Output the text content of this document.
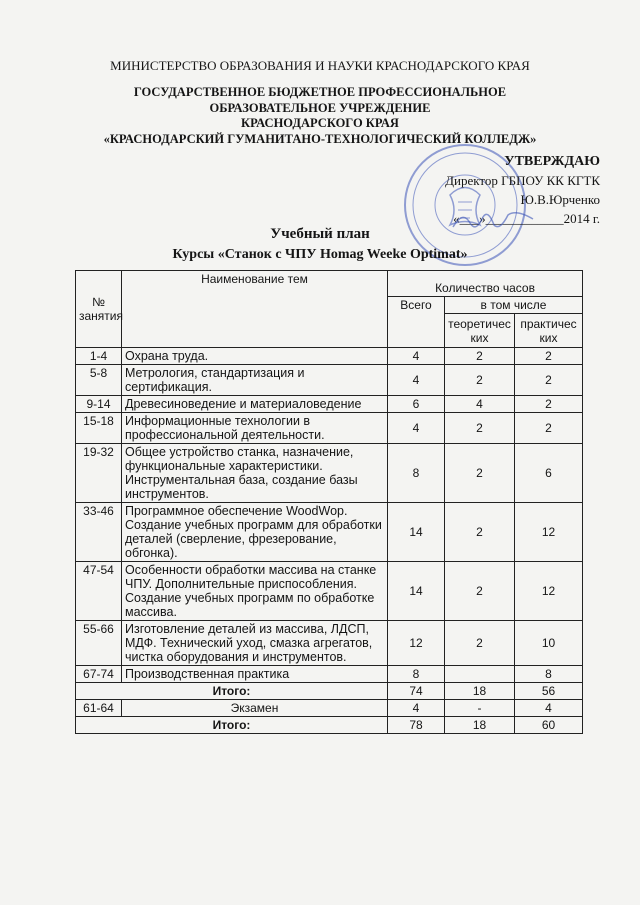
МИНИСТЕРСТВО ОБРАЗОВАНИЯ И НАУКИ КРАСНОДАРСКОГО КРАЯ
ГОСУДАРСТВЕННОЕ БЮДЖЕТНОЕ ПРОФЕССИОНАЛЬНОЕ
ОБРАЗОВАТЕЛЬНОЕ УЧРЕЖДЕНИЕ
КРАСНОДАРСКОГО КРАЯ
«КРАСНОДАРСКИЙ ГУМАНИТАНО-ТЕХНОЛОГИЧЕСКИЙ КОЛЛЕДЖ»
УТВЕРЖДАЮ
Директор ГБПОУ КК КГТК
Ю.В.Юрченко
«___»____________2014 г.
Учебный план
Курсы «Станок с ЧПУ Homag Weeke Optimat»
№ занятия	Наименование тем	Количество часов		
		Всего	в том числе	
			теоретических	практических
1-4	Охрана труда.	4	2	2
5-8	Метрология, стандартизация и сертификация.	4	2	2
9-14	Древесиноведение и материаловедение	6	4	2
15-18	Информационные технологии в профессиональной деятельности.	4	2	2
19-32	Общее устройство станка, назначение, функциональные характеристики. Инструментальная база, создание базы инструментов.	8	2	6
33-46	Программное обеспечение WoodWop. Создание учебных программ для обработки деталей (сверление, фрезерование, обгонка).	14	2	12
47-54	Особенности обработки массива на станке ЧПУ. Дополнительные приспособления. Создание учебных программ по обработке массива.	14	2	12
55-66	Изготовление деталей из массива, ЛДСП, МДФ. Технический уход, смазка агрегатов, чистка оборудования и инструментов.	12	2	10
67-74	Производственная практика	8		8
Итого:		74	18	56
61-64	Экзамен	4	-	4
Итого:		78	18	60
